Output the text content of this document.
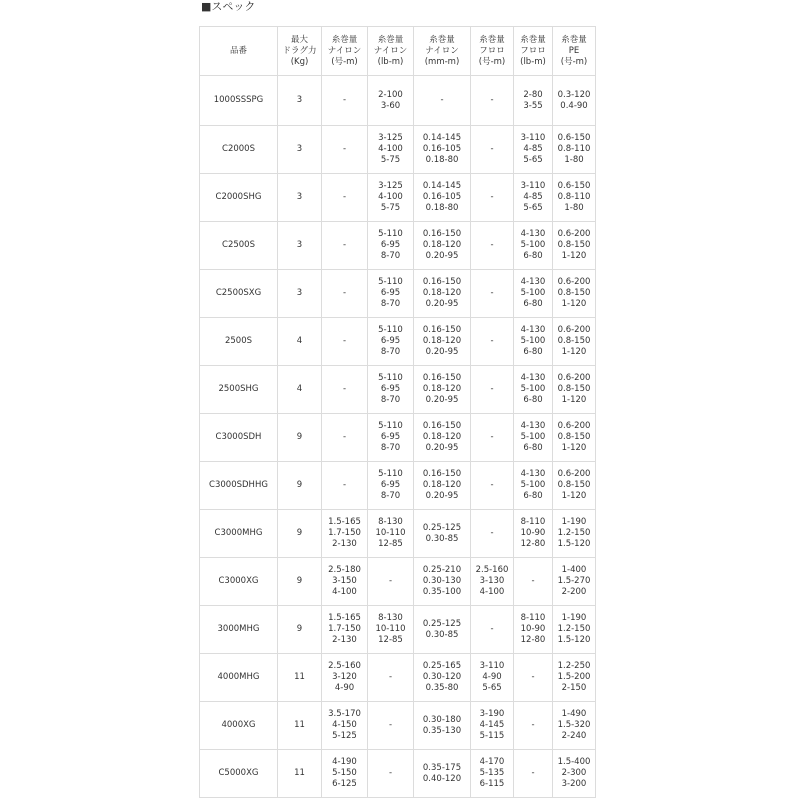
■スペック
品番	最大
ドラグ力
(Kg)	糸巻量
ナイロン
(号-m)	糸巻量
ナイロン
(lb-m)	糸巻量
ナイロン
(mm-m)	糸巻量
フロロ
(号-m)	糸巻量
フロロ
(lb-m)	糸巻量
PE
(号-m)

1000SSSPG	3	-	2-100
3-60	-	-	2-80
3-55	0.3-120
0.4-90

C2000S	3	-	3-125
4-100
5-75	0.14-145
0.16-105
0.18-80	-	3-110
4-85
5-65	0.6-150
0.8-110
1-80

C2000SHG	3	-	3-125
4-100
5-75	0.14-145
0.16-105
0.18-80	-	3-110
4-85
5-65	0.6-150
0.8-110
1-80

C2500S	3	-	5-110
6-95
8-70	0.16-150
0.18-120
0.20-95	-	4-130
5-100
6-80	0.6-200
0.8-150
1-120

C2500SXG	3	-	5-110
6-95
8-70	0.16-150
0.18-120
0.20-95	-	4-130
5-100
6-80	0.6-200
0.8-150
1-120

2500S	4	-	5-110
6-95
8-70	0.16-150
0.18-120
0.20-95	-	4-130
5-100
6-80	0.6-200
0.8-150
1-120

2500SHG	4	-	5-110
6-95
8-70	0.16-150
0.18-120
0.20-95	-	4-130
5-100
6-80	0.6-200
0.8-150
1-120

C3000SDH	9	-	5-110
6-95
8-70	0.16-150
0.18-120
0.20-95	-	4-130
5-100
6-80	0.6-200
0.8-150
1-120

C3000SDHHG	9	-	5-110
6-95
8-70	0.16-150
0.18-120
0.20-95	-	4-130
5-100
6-80	0.6-200
0.8-150
1-120

C3000MHG	9	1.5-165
1.7-150
2-130	8-130
10-110
12-85	0.25-125
0.30-85	-	8-110
10-90
12-80	1-190
1.2-150
1.5-120

C3000XG	9	2.5-180
3-150
4-100	-	0.25-210
0.30-130
0.35-100	2.5-160
3-130
4-100	-	1-400
1.5-270
2-200

3000MHG	9	1.5-165
1.7-150
2-130	8-130
10-110
12-85	0.25-125
0.30-85	-	8-110
10-90
12-80	1-190
1.2-150
1.5-120

4000MHG	11	2.5-160
3-120
4-90	-	0.25-165
0.30-120
0.35-80	3-110
4-90
5-65	-	1.2-250
1.5-200
2-150

4000XG	11	3.5-170
4-150
5-125	-	0.30-180
0.35-130	3-190
4-145
5-115	-	1-490
1.5-320
2-240

C5000XG	11	4-190
5-150
6-125	-	0.35-175
0.40-120	4-170
5-135
6-115	-	1.5-400
2-300
3-200
